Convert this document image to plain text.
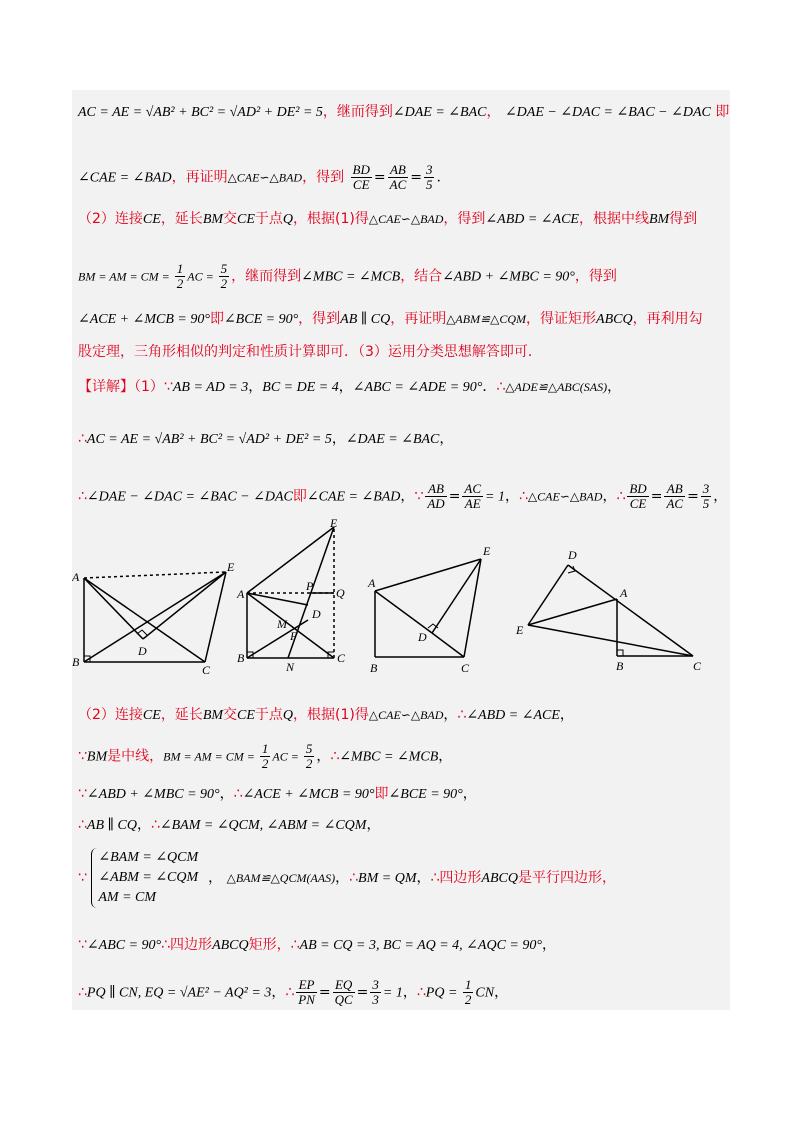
AC = AE = √AB² + BC² = √AD² + DE² = 5，继而得到∠DAE = ∠BAC， ∠DAE − ∠DAC = ∠BAC − ∠DAC 即
∠CAE = ∠BAD，再证明△CAE∽△BAD，得到 $\frac{BD}{CE} = \frac{AB}{AC} = \frac{3}{5}$ .
（2）连接CE，延长BM交CE于点Q，根据(1)得△CAE∽△BAD，得到∠ABD = ∠ACE，根据中线BM得到
BM = AM = CM = $\frac{1}{2}$ AC = $\frac{5}{2}$ ，继而得到∠MBC = ∠MCB，结合∠ABD + ∠MBC = 90°，得到
∠ACE + ∠MCB = 90°即∠BCE = 90°，得到AB ∥ CQ，再证明△ABM≌△CQM，得证矩形ABCQ，再利用勾
股定理，三角形相似的判定和性质计算即可．（3）运用分类思想解答即可．
【详解】（1）∵AB = AD = 3，BC = DE = 4，∠ABC = ∠ADE = 90°．∴△ADE≌△ABC(SAS)，
∴AC = AE = √AB² + BC² = √AD² + DE² = 5，∠DAE = ∠BAC，
∴∠DAE − ∠DAC = ∠BAC − ∠DAC即∠CAE = ∠BAD，∵ $\frac{AB}{AD} = \frac{AC}{AE} = 1$，∴△CAE∽△BAD，∴ $\frac{BD}{CE} = \frac{AB}{AC} = \frac{3}{5}$ ，
A
B
C
D
E
A
B	C
D
E
M
N
F
P Q
A
B	C
D
E
A
B	C
D
E
（2）连接CE，延长BM交CE于点Q，根据(1)得△CAE∽△BAD，∴∠ABD = ∠ACE，
∵BM是中线，BM = AM = CM = $\frac{1}{2}$ AC = $\frac{5}{2}$ ，∴∠MBC = ∠MCB，
∵∠ABD + ∠MBC = 90°，∴∠ACE + ∠MCB = 90°即∠BCE = 90°，
∴AB ∥ CQ，∴∠BAM = ∠QCM, ∠ABM = ∠CQM，
∵
∠BAM = ∠QCM
∠ABM = ∠CQM
AM = CM
， △BAM≌△QCM(AAS)，∴BM = QM，∴四边形ABCQ是平行四边形，
∵∠ABC = 90°∴四边形ABCQ矩形，∴AB = CQ = 3, BC = AQ = 4, ∠AQC = 90°，
∴PQ ∥ CN, EQ = √AE² − AQ² = 3，∴ $\frac{EP}{PN} = \frac{EQ}{QC} = \frac{3}{3} = 1$，∴PQ = $\frac{1}{2}$ CN，
